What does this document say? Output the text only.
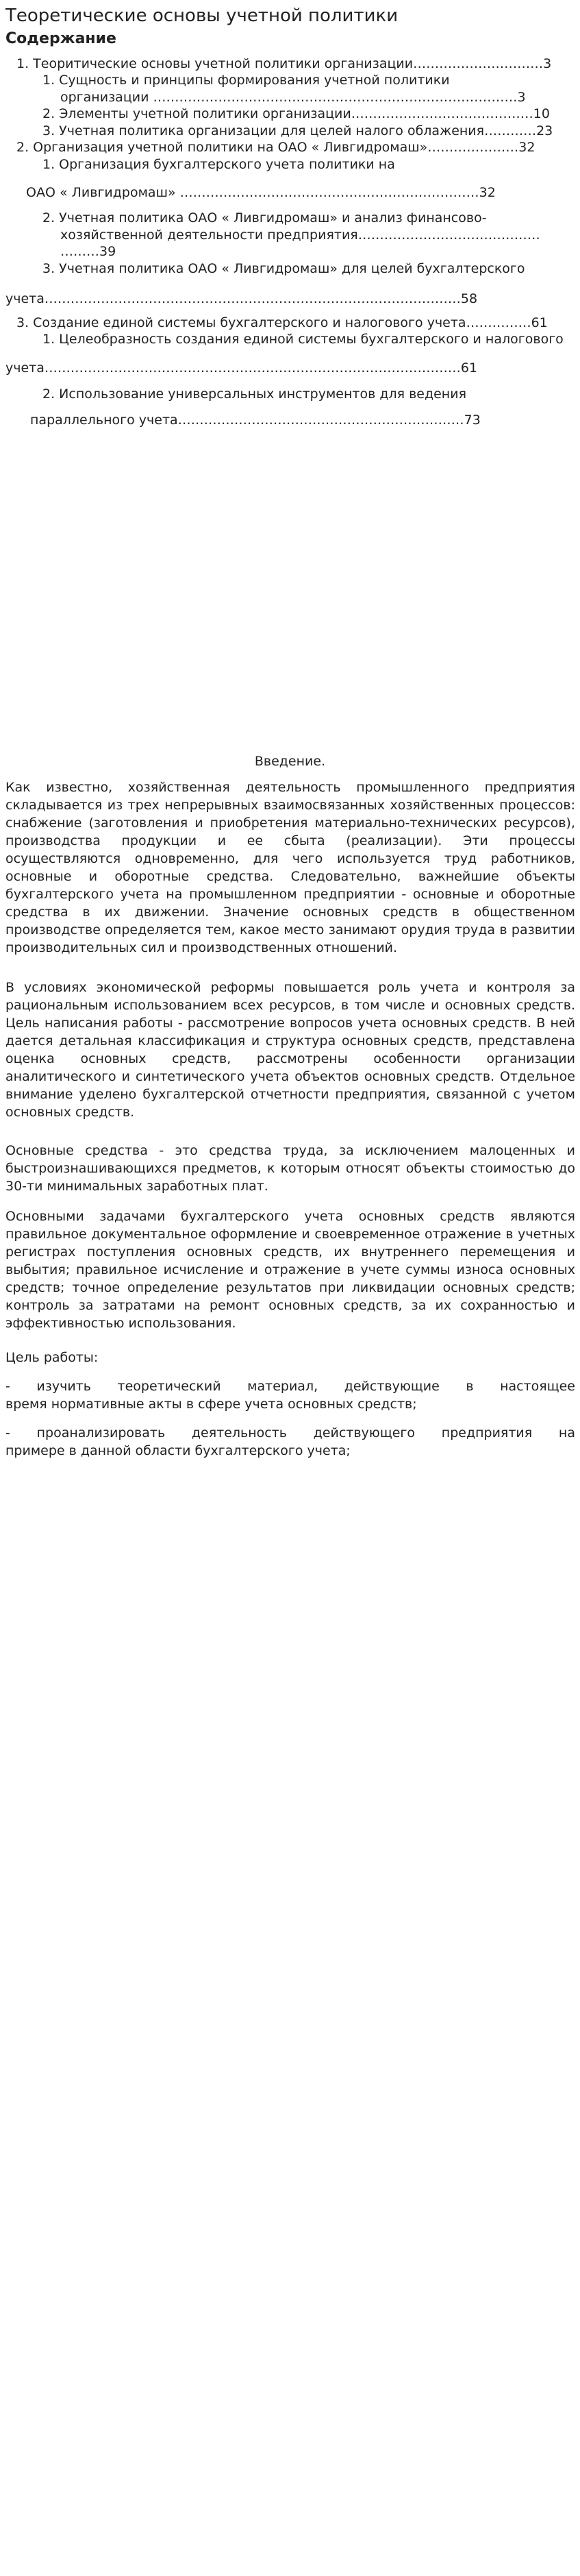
Теоретические основы учетной политики
Содержание
1. Теоритические основы учетной политики организации…………………………3
1. Сущность и принципы формирования учетной политики
организации …………………………………………………………………………3
2. Элементы учетной политики организации……………………………………10
3. Учетная политика организации для целей налого облажения…………23
2. Организация учетной политики на ОАО « Ливгидромаш»…………………32
1. Организация бухгалтерского учета политики на
ОАО « Ливгидромаш» ……………………………………………………………32
2. Учетная политика ОАО « Ливгидромаш» и анализ финансово-
хозяйственной деятельности предприятия……………………………………
………39
3. Учетная политика ОАО « Ливгидромаш» для целей бухгалтерского
учета……………………………………………………………………………………58
3. Создание единой системы бухгалтерского и налогового учета……………61
1. Целеобразность создания единой системы бухгалтерского и налогового
учета……………………………………………………………………………………61
2. Использование универсальных инструментов для ведения
параллельного учета…………………………………………………………73
Введение.
Как известно, хозяйственная деятельность промышленного предприятия
складывается из трех непрерывных взаимосвязанных хозяйственных процессов:
снабжение (заготовления и приобретения материально-технических ресурсов),
производства продукции и ее сбыта (реализации). Эти процессы
осуществляются одновременно, для чего используется труд работников,
основные и оборотные средства. Следовательно, важнейшие объекты
бухгалтерского учета на промышленном предприятии - основные и оборотные
средства в их движении. Значение основных средств в общественном
производстве определяется тем, какое место занимают орудия труда в развитии
производительных сил и производственных отношений.
В условиях экономической реформы повышается роль учета и контроля за
рациональным использованием всех ресурсов, в том числе и основных средств.
Цель написания работы - рассмотрение вопросов учета основных средств. В ней
дается детальная классификация и структура основных средств, представлена
оценка основных средств, рассмотрены особенности организации
аналитического и синтетического учета объектов основных средств. Отдельное
внимание уделено бухгалтерской отчетности предприятия, связанной с учетом
основных средств.
Основные средства - это средства труда, за исключением малоценных и
быстроизнашивающихся предметов, к которым относят объекты стоимостью до
30-ти минимальных заработных плат.
Основными задачами бухгалтерского учета основных средств являются
правильное документальное оформление и своевременное отражение в учетных
регистрах поступления основных средств, их внутреннего перемещения и
выбытия; правильное исчисление и отражение в учете суммы износа основных
средств; точное определение результатов при ликвидации основных средств;
контроль за затратами на ремонт основных средств, за их сохранностью и
эффективностью использования.
Цель работы:
- изучить теоретический материал, действующие в настоящее
время нормативные акты в сфере учета основных средств;
- проанализировать деятельность действующего предприятия на
примере в данной области бухгалтерского учета;
